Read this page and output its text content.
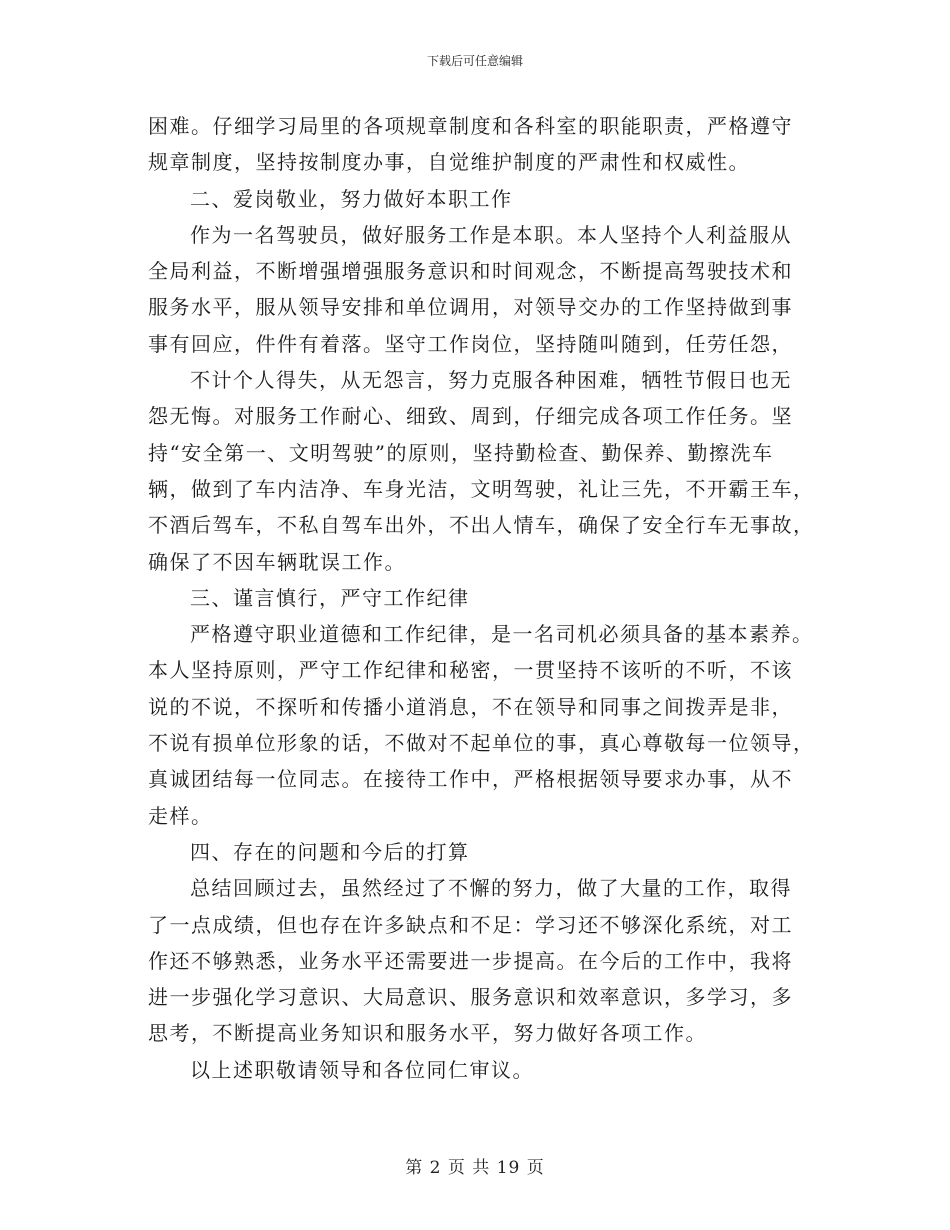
下载后可任意编辑
困难。仔细学习局里的各项规章制度和各科室的职能职责，严格遵守
规章制度，坚持按制度办事，自觉维护制度的严肃性和权威性。
二、爱岗敬业，努力做好本职工作
作为一名驾驶员，做好服务工作是本职。本人坚持个人利益服从
全局利益，不断增强增强服务意识和时间观念，不断提高驾驶技术和
服务水平，服从领导安排和单位调用，对领导交办的工作坚持做到事
事有回应，件件有着落。坚守工作岗位，坚持随叫随到，任劳任怨，
不计个人得失，从无怨言，努力克服各种困难，牺牲节假日也无
怨无悔。对服务工作耐心、细致、周到，仔细完成各项工作任务。坚
持“安全第一、文明驾驶”的原则，坚持勤检查、勤保养、勤擦洗车
辆，做到了车内洁净、车身光洁，文明驾驶，礼让三先，不开霸王车，
不酒后驾车，不私自驾车出外，不出人情车，确保了安全行车无事故，
确保了不因车辆耽误工作。
三、谨言慎行，严守工作纪律
严格遵守职业道德和工作纪律，是一名司机必须具备的基本素养。
本人坚持原则，严守工作纪律和秘密，一贯坚持不该听的不听，不该
说的不说，不探听和传播小道消息，不在领导和同事之间拨弄是非，
不说有损单位形象的话，不做对不起单位的事，真心尊敬每一位领导，
真诚团结每一位同志。在接待工作中，严格根据领导要求办事，从不
走样。
四、存在的问题和今后的打算
总结回顾过去，虽然经过了不懈的努力，做了大量的工作，取得
了一点成绩，但也存在许多缺点和不足：学习还不够深化系统，对工
作还不够熟悉，业务水平还需要进一步提高。在今后的工作中，我将
进一步强化学习意识、大局意识、服务意识和效率意识，多学习，多
思考，不断提高业务知识和服务水平，努力做好各项工作。
以上述职敬请领导和各位同仁审议。
第 2 页 共 19 页
